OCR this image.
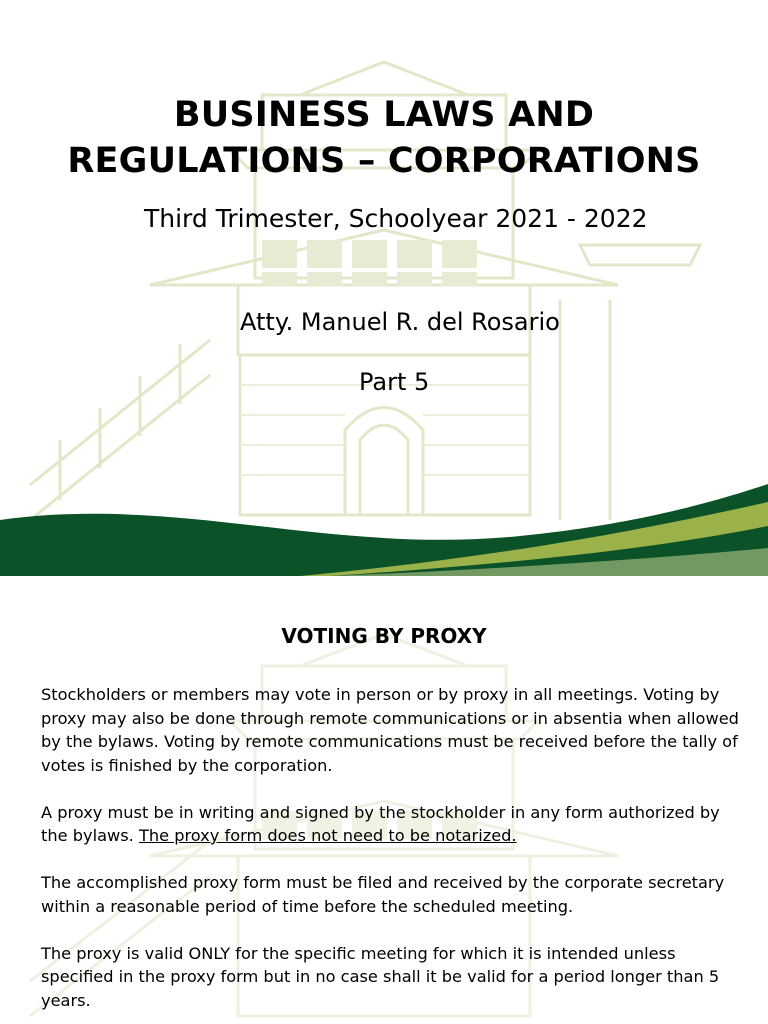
BUSINESS LAWS AND
REGULATIONS – CORPORATIONS
Third Trimester, Schoolyear 2021 - 2022
Atty. Manuel R. del Rosario
Part 5
VOTING BY PROXY

Stockholders or members may vote in person or by proxy in all meetings. Voting by proxy may also be done through remote communications or in absentia when allowed by the bylaws. Voting by remote communications must be received before the tally of votes is finished by the corporation.

A proxy must be in writing and signed by the stockholder in any form authorized by the bylaws. The proxy form does not need to be notarized.

The accomplished proxy form must be filed and received by the corporate secretary within a reasonable period of time before the scheduled meeting.

The proxy is valid ONLY for the specific meeting for which it is intended unless specified in the proxy form but in no case shall it be valid for a period longer than 5 years.
